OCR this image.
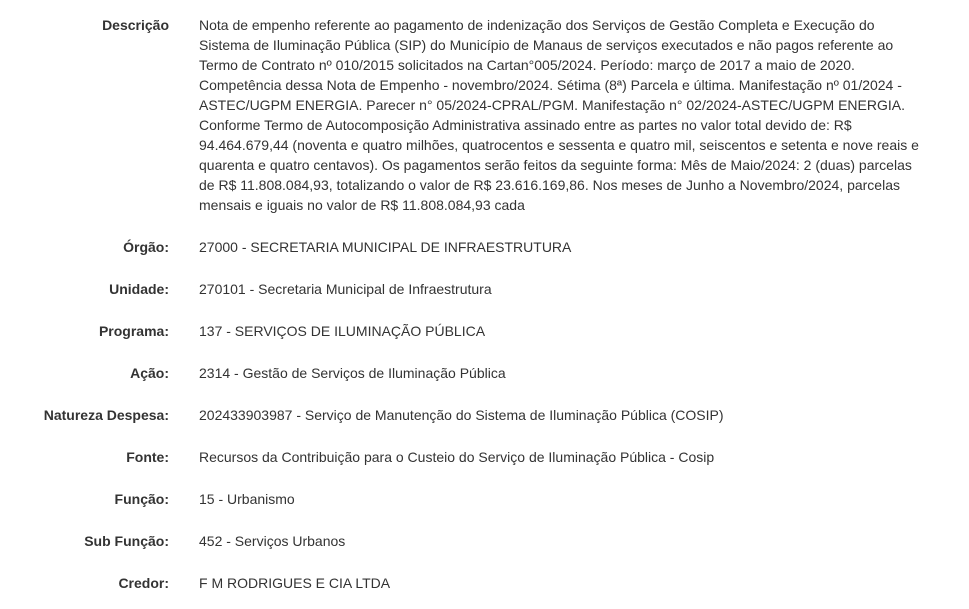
Descrição Nota de empenho referente ao pagamento de indenização dos Serviços de Gestão Completa e Execução do
Sistema de Iluminação Pública (SIP) do Município de Manaus de serviços executados e não pagos referente ao
Termo de Contrato nº 010/2015 solicitados na Cartan°005/2024. Período: março de 2017 a maio de 2020.
Competência dessa Nota de Empenho - novembro/2024. Sétima (8ª) Parcela e última. Manifestação nº 01/2024 -
ASTEC/UGPM ENERGIA. Parecer n° 05/2024-CPRAL/PGM. Manifestação n° 02/2024-ASTEC/UGPM ENERGIA.
Conforme Termo de Autocomposição Administrativa assinado entre as partes no valor total devido de: R$
94.464.679,44 (noventa e quatro milhões, quatrocentos e sessenta e quatro mil, seiscentos e setenta e nove reais e
quarenta e quatro centavos). Os pagamentos serão feitos da seguinte forma: Mês de Maio/2024: 2 (duas) parcelas
de R$ 11.808.084,93, totalizando o valor de R$ 23.616.169,86. Nos meses de Junho a Novembro/2024, parcelas
mensais e iguais no valor de R$ 11.808.084,93 cada
Órgão: 27000 - SECRETARIA MUNICIPAL DE INFRAESTRUTURA
Unidade: 270101 - Secretaria Municipal de Infraestrutura
Programa: 137 - SERVIÇOS DE ILUMINAÇÃO PÚBLICA
Ação: 2314 - Gestão de Serviços de Iluminação Pública
Natureza Despesa: 202433903987 - Serviço de Manutenção do Sistema de Iluminação Pública (COSIP)
Fonte: Recursos da Contribuição para o Custeio do Serviço de Iluminação Pública - Cosip
Função: 15 - Urbanismo
Sub Função: 452 - Serviços Urbanos
Credor: F M RODRIGUES E CIA LTDA
